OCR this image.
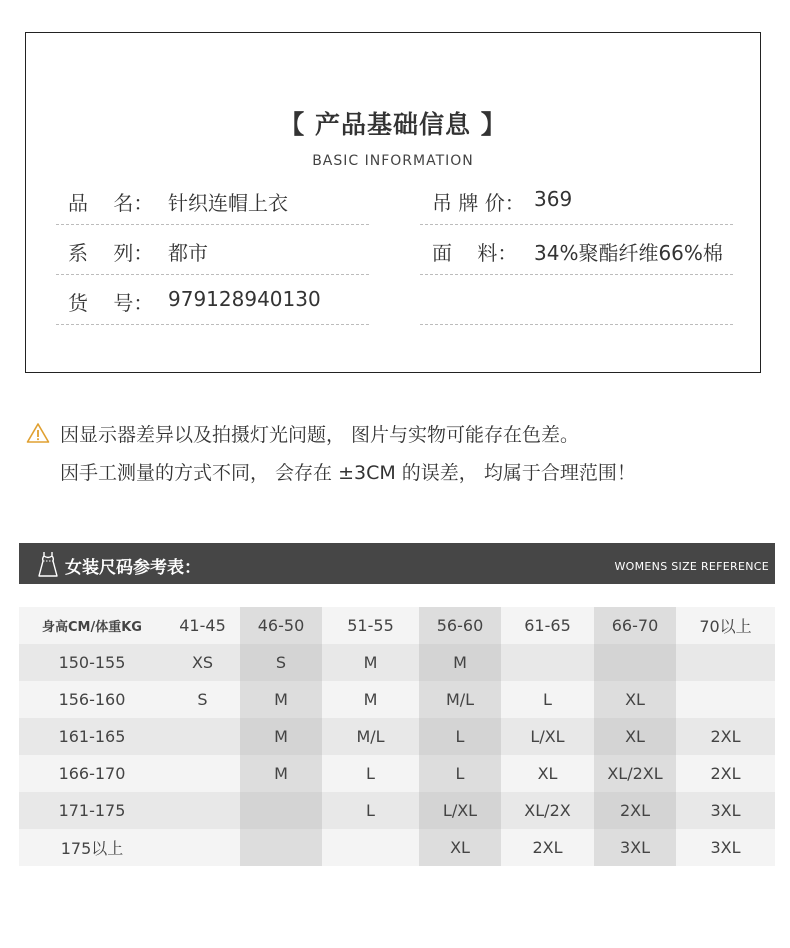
【 产品基础信息 】
BASIC INFORMATION
品    名： 针织连帽上衣
系    列： 都市
货    号： 979128940130
吊 牌 价： 369
面    料： 34%聚酯纤维66%棉
因显示器差异以及拍摄灯光问题， 图片与实物可能存在色差。
因手工测量的方式不同， 会存在 ±3CM 的误差， 均属于合理范围！
女装尺码参考表：	WOMENS SIZE REFERENCE
身高CM/体重KG	41-45	46-50	51-55	56-60	61-65	66-70	70以上
150-155	XS	S	M	M			
156-160	S	M	M	M/L	L	XL	
161-165		M	M/L	L	L/XL	XL	2XL
166-170		M	L	L	XL	XL/2XL	2XL
171-175			L	L/XL	XL/2X	2XL	3XL
175以上				XL	2XL	3XL	3XL
